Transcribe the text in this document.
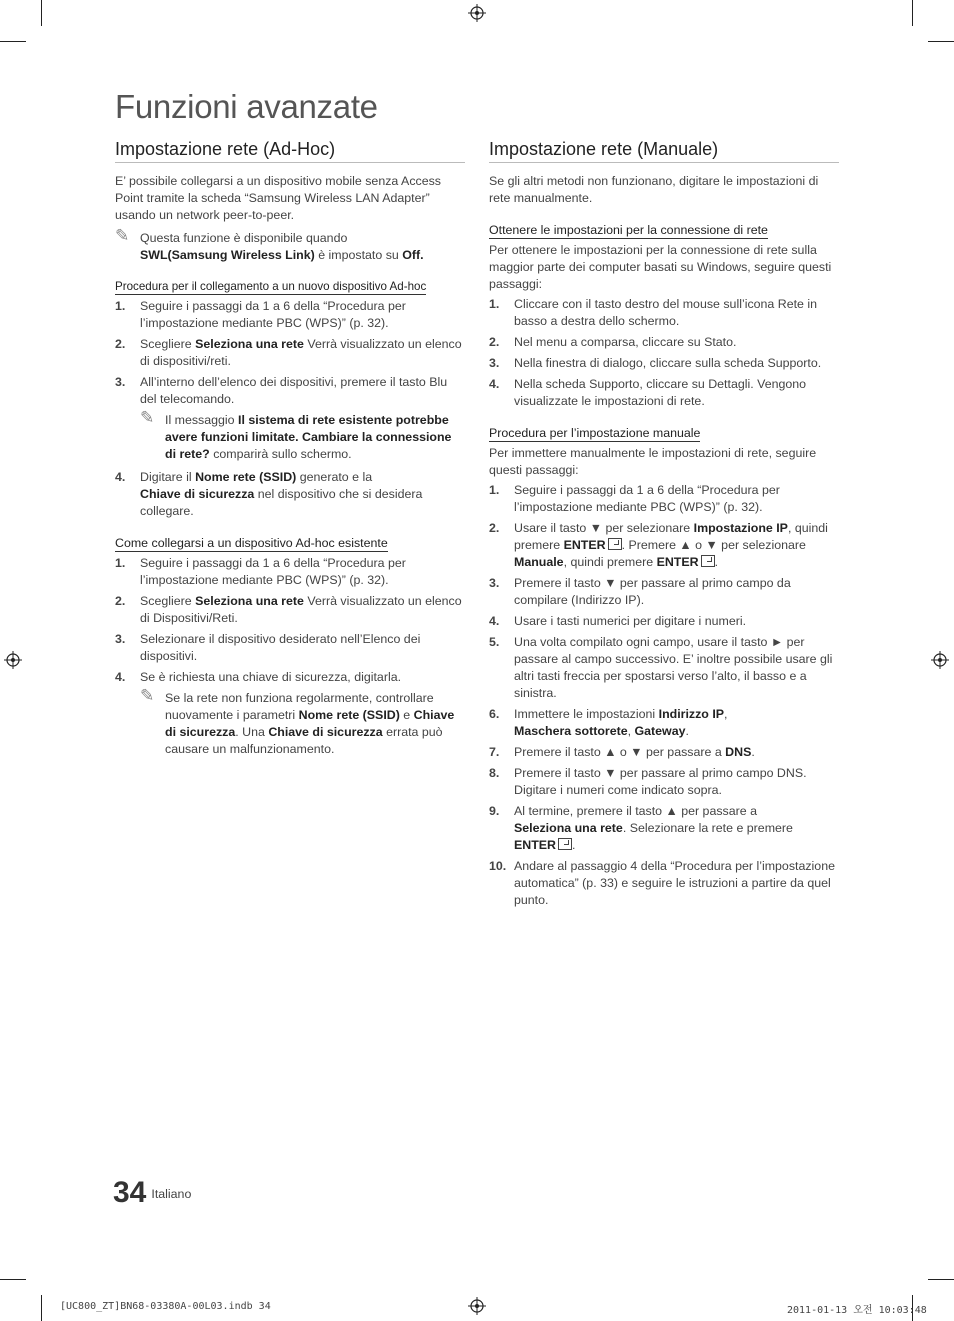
Funzioni avanzate
Impostazione rete (Ad-Hoc)

E’ possibile collegarsi a un dispositivo mobile senza Access Point tramite la scheda “Samsung Wireless LAN Adapter” usando un network peer-to-peer.

✎ Questa funzione è disponibile quando
SWL(Samsung Wireless Link) è impostato su Off.
Procedura per il collegamento a un nuovo dispositivo Ad-hoc
1. Seguire i passaggi da 1 a 6 della “Procedura per l’impostazione mediante PBC (WPS)” (p. 32).
2. Scegliere Seleziona una rete Verrà visualizzato un elenco di dispositivi/reti.
3. All’interno dell’elenco dei dispositivi, premere il tasto Blu del telecomando.
✎ Il messaggio Il sistema di rete esistente potrebbe avere funzioni limitate. Cambiare la connessione di rete? comparirà sullo schermo.
4. Digitare il Nome rete (SSID) generato e la
Chiave di sicurezza nel dispositivo che si desidera collegare.
Come collegarsi a un dispositivo Ad-hoc esistente
1. Seguire i passaggi da 1 a 6 della “Procedura per l’impostazione mediante PBC (WPS)” (p. 32).
2. Scegliere Seleziona una rete Verrà visualizzato un elenco di Dispositivi/Reti.
3. Selezionare il dispositivo desiderato nell’Elenco dei dispositivi.
4. Se è richiesta una chiave di sicurezza, digitarla.
✎ Se la rete non funziona regolarmente, controllare nuovamente i parametri Nome rete (SSID) e Chiave di sicurezza. Una Chiave di sicurezza errata può causare un malfunzionamento.
Impostazione rete (Manuale)

Se gli altri metodi non funzionano, digitare le impostazioni di rete manualmente.

Ottenere le impostazioni per la connessione di rete

Per ottenere le impostazioni per la connessione di rete sulla maggior parte dei computer basati su Windows, seguire questi passaggi:

1. Cliccare con il tasto destro del mouse sull’icona Rete in basso a destra dello schermo.
2. Nel menu a comparsa, cliccare su Stato.
3. Nella finestra di dialogo, cliccare sulla scheda Supporto.
4. Nella scheda Supporto, cliccare su Dettagli. Vengono visualizzate le impostazioni di rete.
Procedura per l’impostazione manuale

Per immettere manualmente le impostazioni di rete, seguire questi passaggi:

1. Seguire i passaggi da 1 a 6 della “Procedura per l’impostazione mediante PBC (WPS)” (p. 32).
2. Usare il tasto ▼ per selezionare Impostazione IP, quindi premere ENTER . Premere ▲ o ▼ per selezionare Manuale, quindi premere ENTER .
3. Premere il tasto ▼ per passare al primo campo da compilare (Indirizzo IP).
4. Usare i tasti numerici per digitare i numeri.
5. Una volta compilato ogni campo, usare il tasto ► per passare al campo successivo. E’ inoltre possibile usare gli altri tasti freccia per spostarsi verso l’alto, il basso e a sinistra.
6. Immettere le impostazioni Indirizzo IP,
Maschera sottorete, Gateway.
7. Premere il tasto ▲ o ▼ per passare a DNS.
8. Premere il tasto ▼ per passare al primo campo DNS. Digitare i numeri come indicato sopra.
9. Al termine, premere il tasto ▲ per passare a
Seleziona una rete. Selezionare la rete e premere
ENTER .
10. Andare al passaggio 4 della “Procedura per l’impostazione automatica” (p. 33) e seguire le istruzioni a partire da quel punto.
34 $^{Italiano}$
[UC800_ZT]BN68-03380A-00L03.indb 34	2011-01-13 오전 10:03:48
